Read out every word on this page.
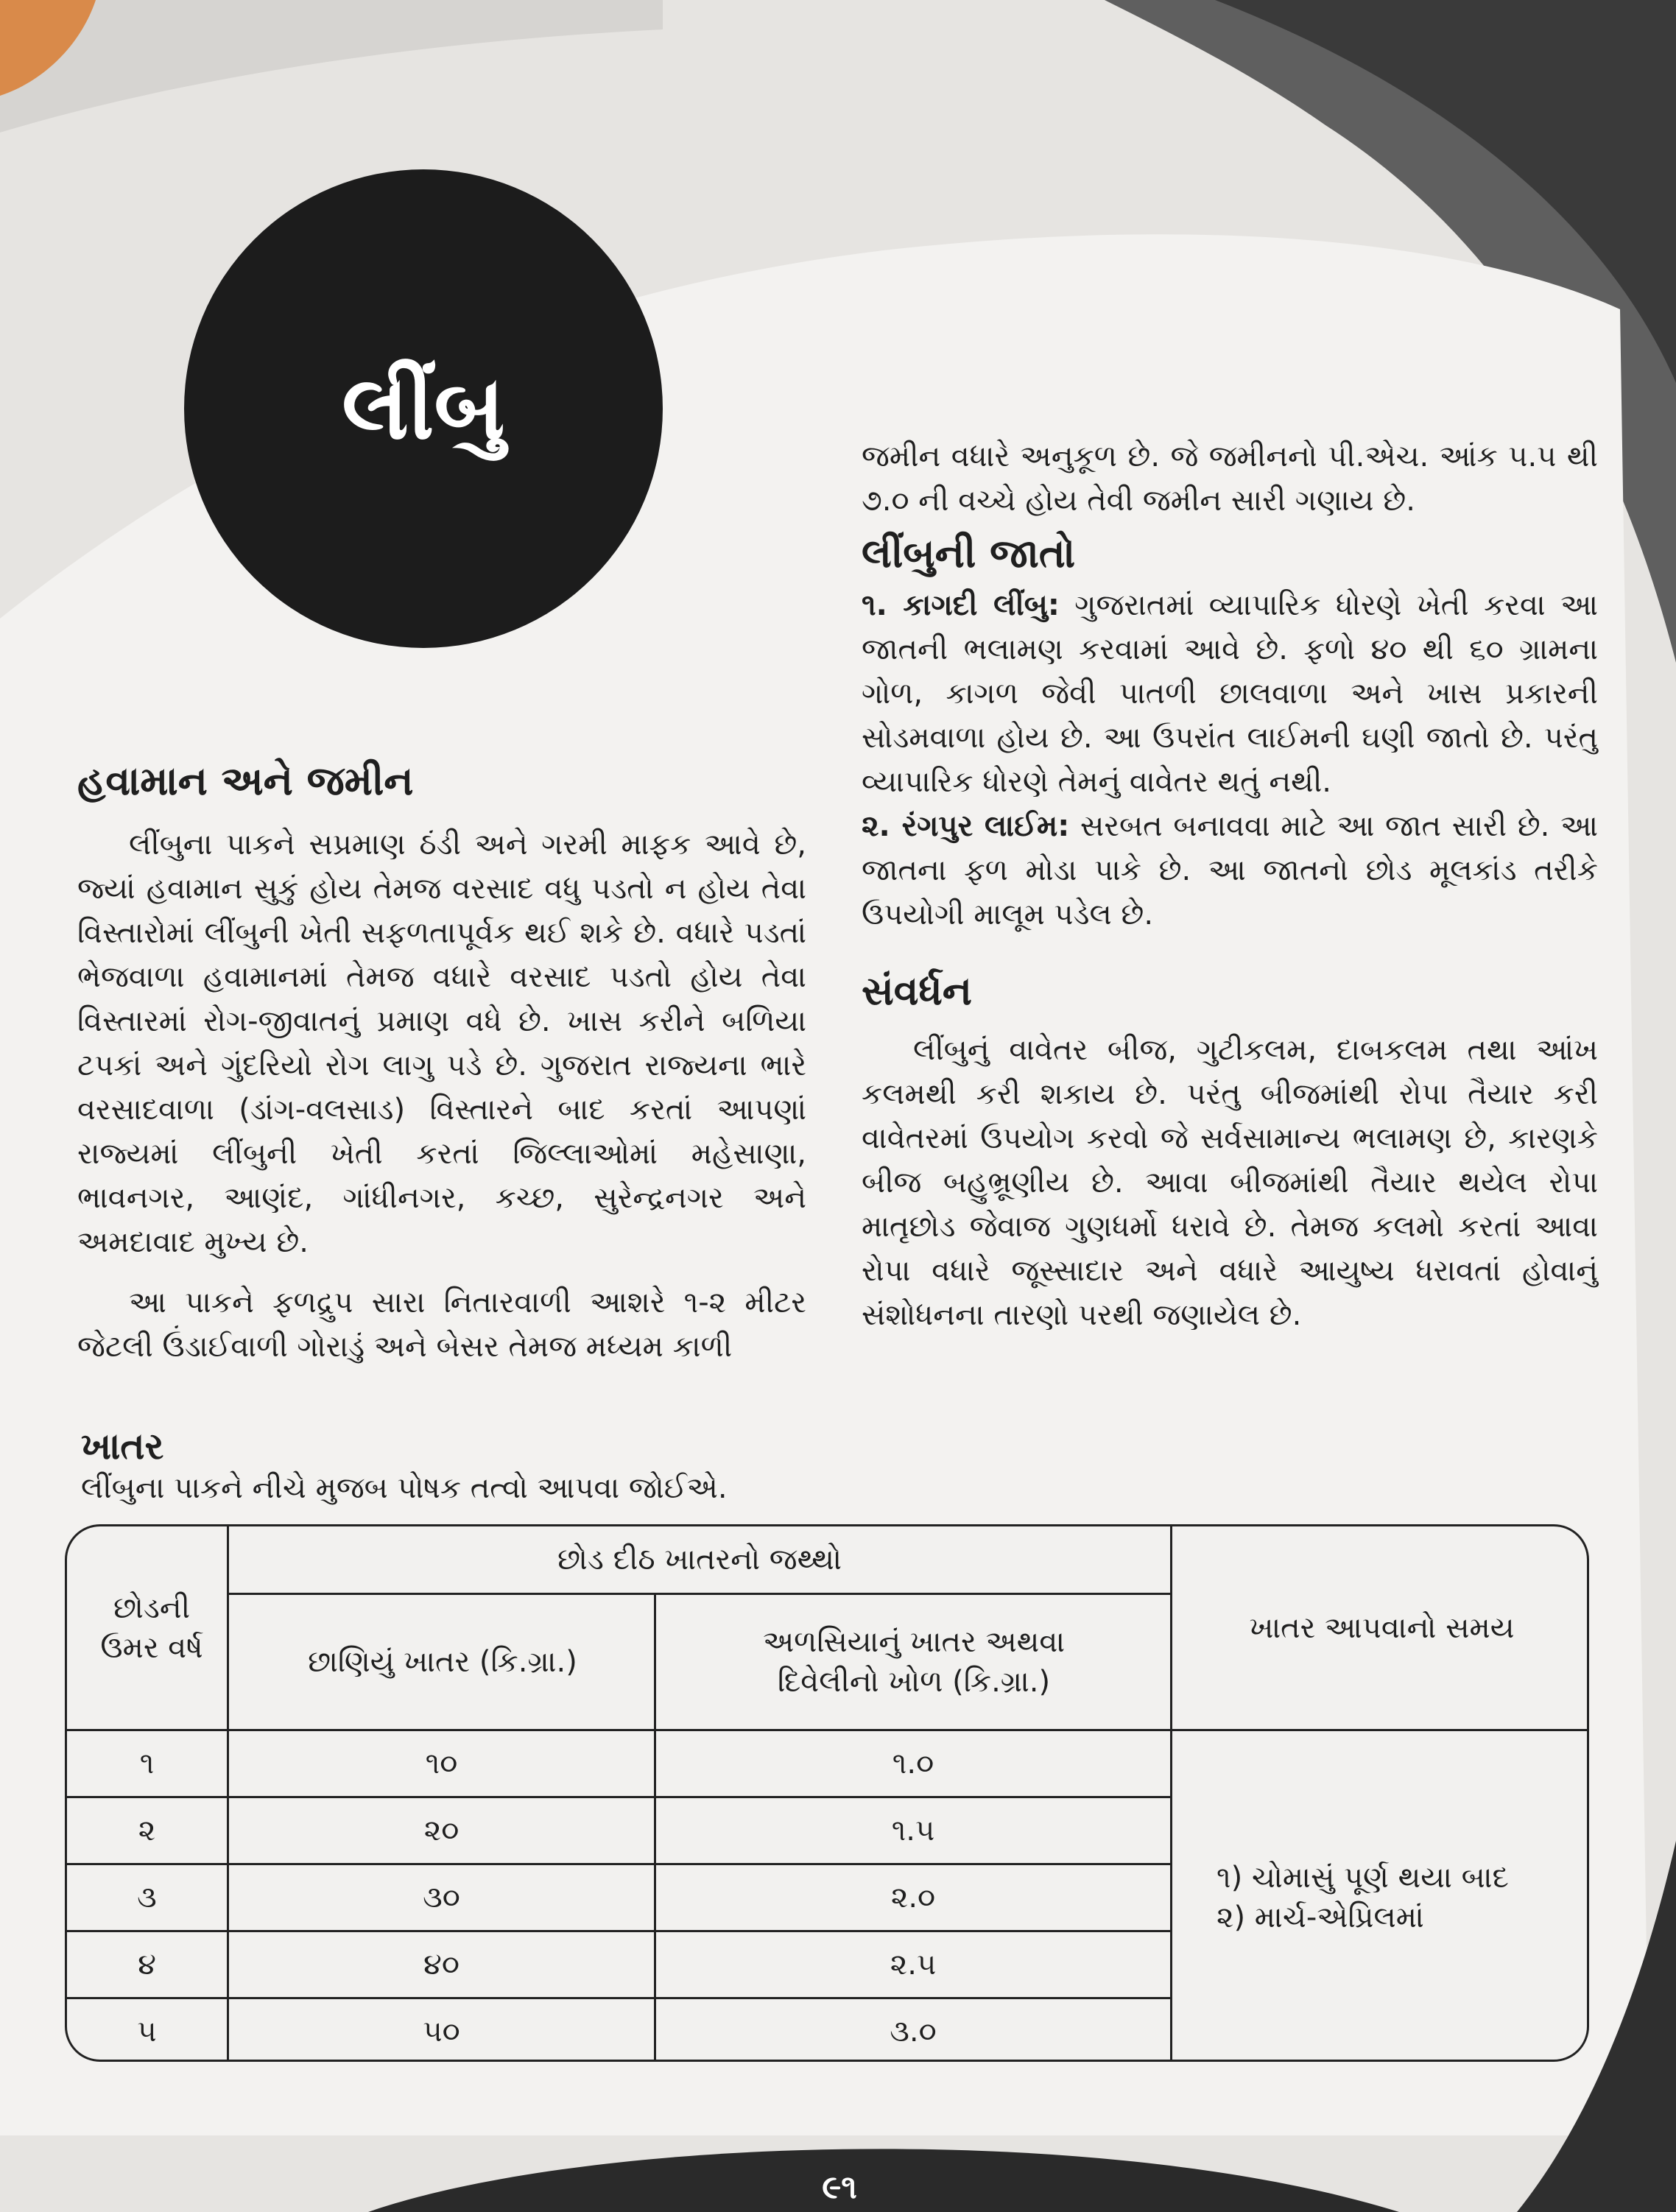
લીંબુ	જમીન વધારે અનુકૂળ છે. જે જમીનનો પી.એચ. આંક ૫.૫ થી ૭.૦ ની વચ્ચે હોય તેવી જમીન સારી ગણાય છે.

લીંબુની જાતો

૧. કાગદી લીંબુ: ગુજરાતમાં વ્યાપારિક ધોરણે ખેતી કરવા આ જાતની ભલામણ કરવામાં આવે છે. ફળો ૪૦ થી ૬૦ ગ્રામના ગોળ, કાગળ જેવી પાતળી છાલવાળા અને ખાસ પ્રકારની સોડમવાળા હોય છે. આ ઉપરાંત લાઈમની ઘણી જાતો છે. પરંતુ વ્યાપારિક ધોરણે તેમનું વાવેતર થતું નથી.

૨. રંગપુર લાઈમ: સરબત બનાવવા માટે આ જાત સારી છે. આ જાતના ફળ મોડા પાકે છે. આ જાતનો છોડ મૂલકાંડ તરીકે ઉપયોગી માલૂમ પડેલ છે.

સંવર્ધન

લીંબુનું વાવેતર બીજ, ગુટીકલમ, દાબકલમ તથા આંખ કલમથી કરી શકાય છે. પરંતુ બીજમાંથી રોપા તૈયાર કરી વાવેતરમાં ઉપયોગ કરવો જે સર્વસામાન્ય ભલામણ છે, કારણકે બીજ બહુભ્રૂણીય છે. આવા બીજમાંથી તૈયાર થયેલ રોપા માતૃછોડ જેવાજ ગુણધર્મો ધરાવે છે. તેમજ કલમો કરતાં આવા રોપા વધારે જૂસ્સાદાર અને વધારે આયુષ્ય ધરાવતાં હોવાનું સંશોધનના તારણો પરથી જણાયેલ છે.

હવામાન અને જમીન

લીંબુના પાકને સપ્રમાણ ઠંડી અને ગરમી માફક આવે છે, જ્યાં હવામાન સુકું હોય તેમજ વરસાદ વધુ પડતો ન હોય તેવા વિસ્તારોમાં લીંબુની ખેતી સફળતાપૂર્વક થઈ શકે છે. વધારે પડતાં ભેજવાળા હવામાનમાં તેમજ વધારે વરસાદ પડતો હોય તેવા વિસ્તારમાં રોગ-જીવાતનું પ્રમાણ વધે છે. ખાસ કરીને બળિયા ટપકાં અને ગુંદરિયો રોગ લાગુ પડે છે. ગુજરાત રાજ્યના ભારે વરસાદવાળા (ડાંગ-વલસાડ) વિસ્તારને બાદ કરતાં આપણાં રાજ્યમાં લીંબુની ખેતી કરતાં જિલ્લાઓમાં મહેસાણા, ભાવનગર, આણંદ, ગાંધીનગર, કચ્છ, સુરેન્દ્રનગર અને અમદાવાદ મુખ્ય છે.

આ પાકને ફળદ્રુપ સારા નિતારવાળી આશરે ૧-૨ મીટર જેટલી ઉંડાઈવાળી ગોરાડું અને બેસર તેમજ મધ્યમ કાળી

ખાતર
લીંબુના પાકને નીચે મુજબ પોષક તત્વો આપવા જોઈએ.
છોડની ઉમર વર્ષ
છોડ દીઠ ખાતરનો જથ્થો
છાણિયું ખાતર (કિ.ગ્રા.)
અળસિયાનું ખાતર અથવા દિવેલીનો ખોળ (કિ.ગ્રા.)
ખાતર આપવાનો સમય
૧	૧૦	૧.૦
૨	૨૦	૧.૫
૩	૩૦	૨.૦
૪	૪૦	૨.૫
૫	૫૦	૩.૦
૧) ચોમાસું પૂર્ણ થયા બાદ
૨) માર્ચ-એપ્રિલમાં
૯૧
